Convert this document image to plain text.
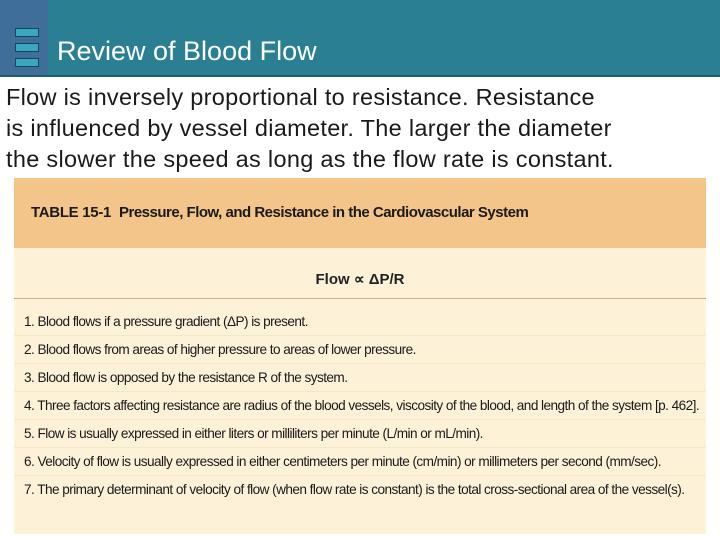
Review of Blood Flow
Flow is inversely proportional to resistance. Resistance
is influenced by vessel diameter. The larger the diameter
the slower the speed as long as the flow rate is constant.
TABLE 15-1 Pressure, Flow, and Resistance in the Cardiovascular System
Flow ∝ ΔP/R
1. Blood flows if a pressure gradient (ΔP) is present.
2. Blood flows from areas of higher pressure to areas of lower pressure.
3. Blood flow is opposed by the resistance R of the system.
4. Three factors affecting resistance are radius of the blood vessels, viscosity of the blood, and length of the system [p. 462].
5. Flow is usually expressed in either liters or milliliters per minute (L/min or mL/min).
6. Velocity of flow is usually expressed in either centimeters per minute (cm/min) or millimeters per second (mm/sec).
7. The primary determinant of velocity of flow (when flow rate is constant) is the total cross-sectional area of the vessel(s).
